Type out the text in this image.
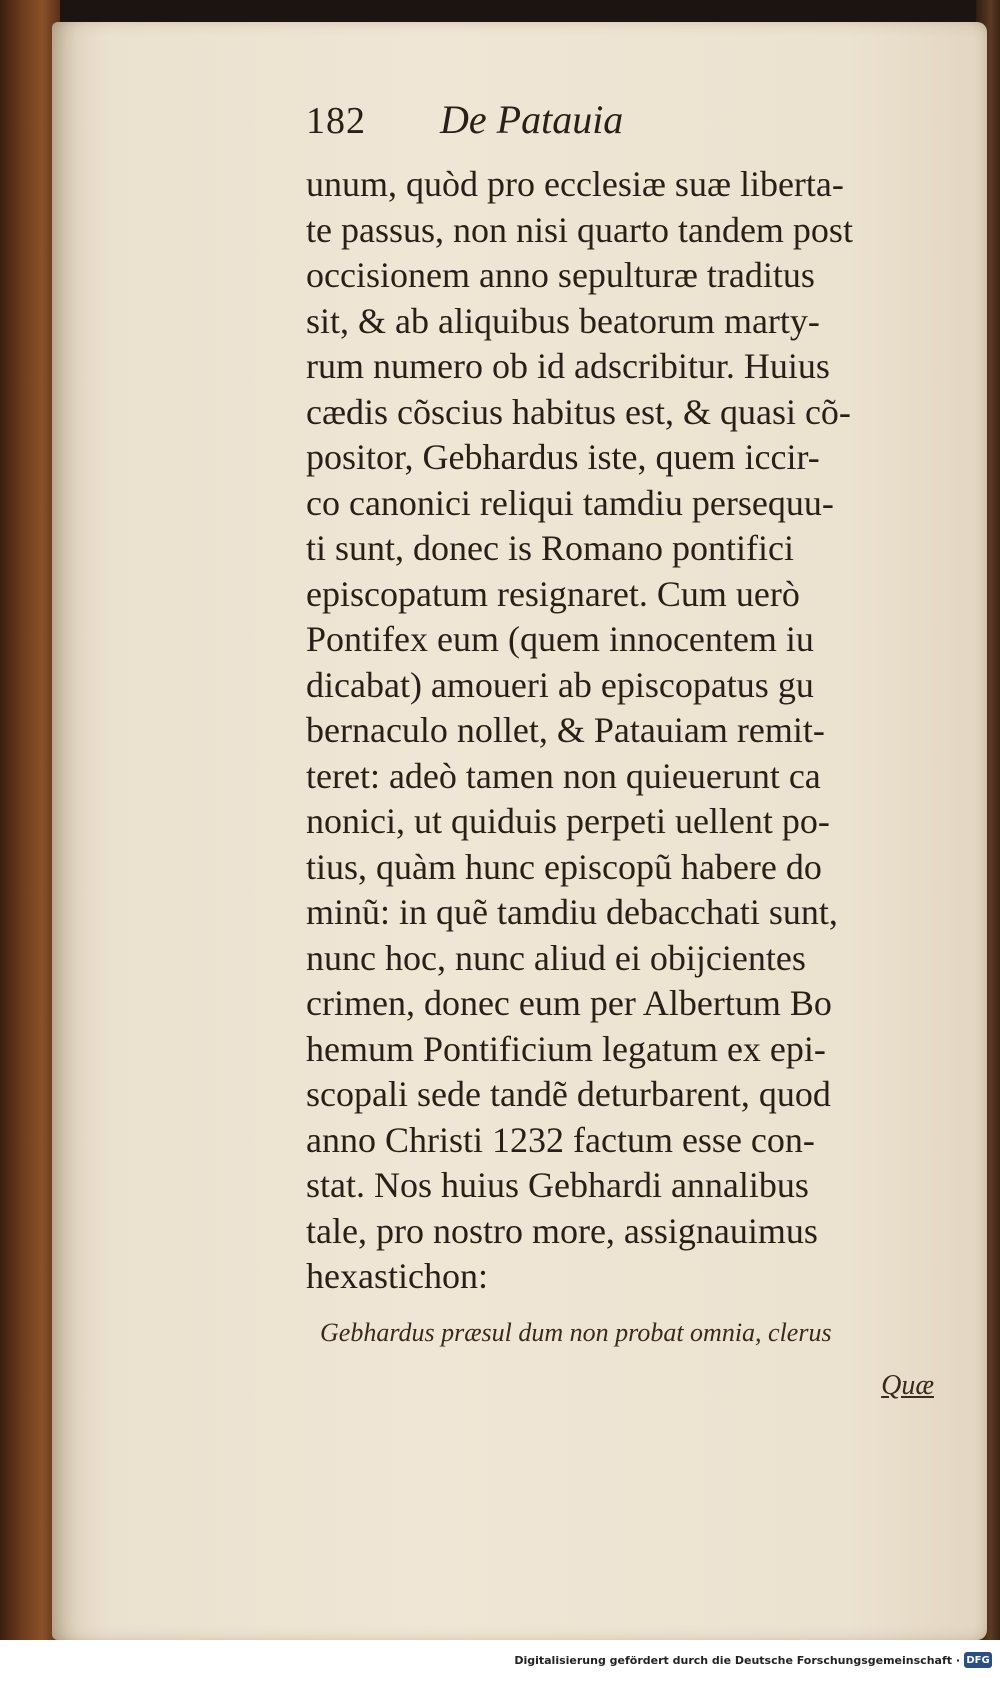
182 De Patauia
unum, quòd pro ecclesiæ suæ liberta-
te passus, non nisi quarto tandem post
occisionem anno sepulturæ traditus
sit, & ab aliquibus beatorum marty-
rum numero ob id adscribitur. Huius
cædis cõscius habitus est, & quasi cõ-
positor, Gebhardus iste, quem iccir-
co canonici reliqui tamdiu persequu-
ti sunt, donec is Romano pontifici
episcopatum resignaret. Cum uerò
Pontifex eum (quem innocentem iu
dicabat) amoueri ab episcopatus gu
bernaculo nollet, & Patauiam remit-
teret: adeò tamen non quieuerunt ca
nonici, ut quiduis perpeti uellent po-
tius, quàm hunc episcopũ habere do
minũ: in quẽ tamdiu debacchati sunt,
nunc hoc, nunc aliud ei obijcientes
crimen, donec eum per Albertum Bo
hemum Pontificium legatum ex epi-
scopali sede tandẽ deturbarent, quod
anno Christi 1232 factum esse con-
stat. Nos huius Gebhardi annalibus
tale, pro nostro more, assignauimus
hexastichon:
Gebhardus præsul dum non probat omnia, clerus
Quæ
Digitalisierung gefördert durch die Deutsche Forschungsgemeinschaft · DFG
